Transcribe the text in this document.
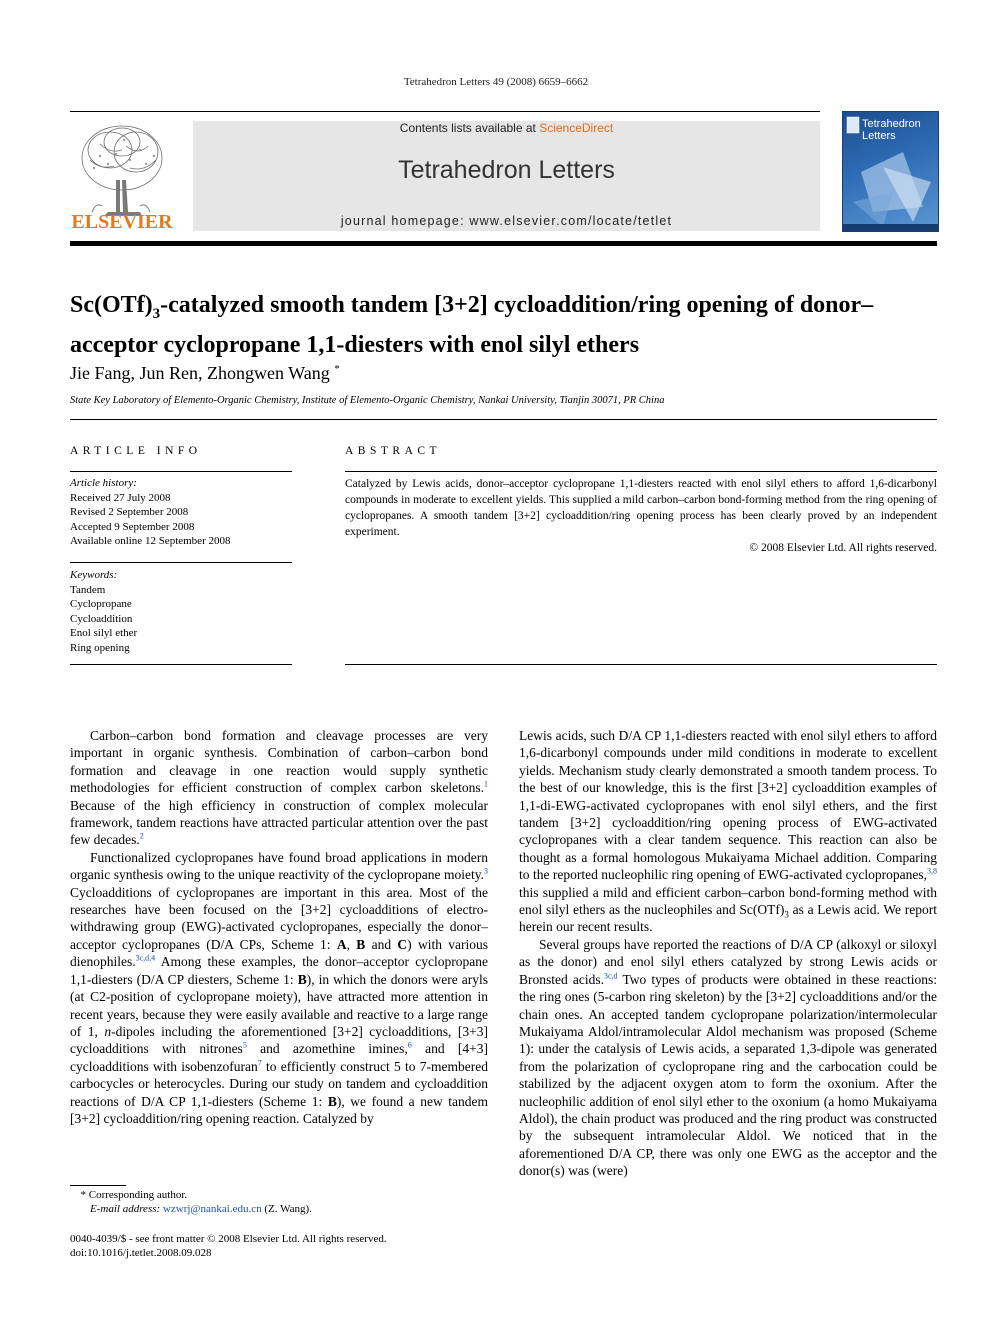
Tetrahedron Letters 49 (2008) 6659–6662
ELSEVIER
Contents lists available at ScienceDirect
Tetrahedron Letters
journal homepage: www.elsevier.com/locate/tetlet
Tetrahedron
Letters
$Sc(OTf)_3$-catalyzed smooth tandem [3+2] cycloaddition/ring opening of donor–acceptor cyclopropane 1,1-diesters with enol silyl ethers
Jie Fang, Jun Ren, Zhongwen Wang *
State Key Laboratory of Elemento-Organic Chemistry, Institute of Elemento-Organic Chemistry, Nankai University, Tianjin 30071, PR China
ARTICLE INFO	ABSTRACT
Article history:
Received 27 July 2008
Revised 2 September 2008
Accepted 9 September 2008
Available online 12 September 2008
Keywords:
Tandem
Cyclopropane
Cycloaddition
Enol silyl ether
Ring opening
Catalyzed by Lewis acids, donor–acceptor cyclopropane 1,1-diesters reacted with enol silyl ethers to afford 1,6-dicarbonyl compounds in moderate to excellent yields. This supplied a mild carbon–carbon bond-forming method from the ring opening of cyclopropanes. A smooth tandem [3+2] cycloaddition/ring opening process has been clearly proved by an independent experiment.
© 2008 Elsevier Ltd. All rights reserved.

Carbon–carbon bond formation and cleavage processes are very important in organic synthesis. Combination of carbon–carbon bond formation and cleavage in one reaction would supply synthetic methodologies for efficient construction of complex carbon skeletons.$^1$ Because of the high efficiency in construction of complex molecular framework, tandem reactions have attracted particular attention over the past few decades.$^2$

Functionalized cyclopropanes have found broad applications in modern organic synthesis owing to the unique reactivity of the cyclopropane moiety.$^3$ Cycloadditions of cyclopropanes are important in this area. Most of the researches have been focused on the [3+2] cycloadditions of electro-withdrawing group (EWG)-activated cyclopropanes, especially the donor–acceptor cyclopropanes (D/A CPs, Scheme 1: A, B and C) with various dienophiles.$^{3c,d,4}$ Among these examples, the donor–acceptor cyclopropane 1,1-diesters (D/A CP diesters, Scheme 1: B), in which the donors were aryls (at C2-position of cyclopropane moiety), have attracted more attention in recent years, because they were easily available and reactive to a large range of 1, n-dipoles including the aforementioned [3+2] cycloadditions, [3+3] cycloadditions with nitrones$^5$ and azomethine imines,$^6$ and [4+3] cycloadditions with isobenzofuran$^7$ to efficiently construct 5 to 7-membered carbocycles or heterocycles. During our study on tandem and cycloaddition reactions of D/A CP 1,1-diesters (Scheme 1: B), we found a new tandem [3+2] cycloaddition/ring opening reaction. Catalyzed by

Lewis acids, such D/A CP 1,1-diesters reacted with enol silyl ethers to afford 1,6-dicarbonyl compounds under mild conditions in moderate to excellent yields. Mechanism study clearly demonstrated a smooth tandem process. To the best of our knowledge, this is the first [3+2] cycloaddition examples of 1,1-di-EWG-activated cyclopropanes with enol silyl ethers, and the first tandem [3+2] cycloaddition/ring opening process of EWG-activated cyclopropanes with a clear tandem sequence. This reaction can also be thought as a formal homologous Mukaiyama Michael addition. Comparing to the reported nucleophilic ring opening of EWG-activated cyclopropanes,$^{3,8}$ this supplied a mild and efficient carbon–carbon bond-forming method with enol silyl ethers as the nucleophiles and $Sc(OTf)_3$ as a Lewis acid. We report herein our recent results.

Several groups have reported the reactions of D/A CP (alkoxyl or siloxyl as the donor) and enol silyl ethers catalyzed by strong Lewis acids or Bronsted acids.$^{3c,d}$ Two types of products were obtained in these reactions: the ring ones (5-carbon ring skeleton) by the [3+2] cycloadditions and/or the chain ones. An accepted tandem cyclopropane polarization/intermolecular Mukaiyama Aldol/intramolecular Aldol mechanism was proposed (Scheme 1): under the catalysis of Lewis acids, a separated 1,3-dipole was generated from the polarization of cyclopropane ring and the carbocation could be stabilized by the adjacent oxygen atom to form the oxonium. After the nucleophilic addition of enol silyl ether to the oxonium (a homo Mukaiyama Aldol), the chain product was produced and the ring product was constructed by the subsequent intramolecular Aldol. We noticed that in the aforementioned D/A CP, there was only one EWG as the acceptor and the donor(s) was (were)

* Corresponding author.
E-mail address: wzwrj@nankai.edu.cn (Z. Wang).
0040-4039/$ - see front matter © 2008 Elsevier Ltd. All rights reserved.
doi:10.1016/j.tetlet.2008.09.028
